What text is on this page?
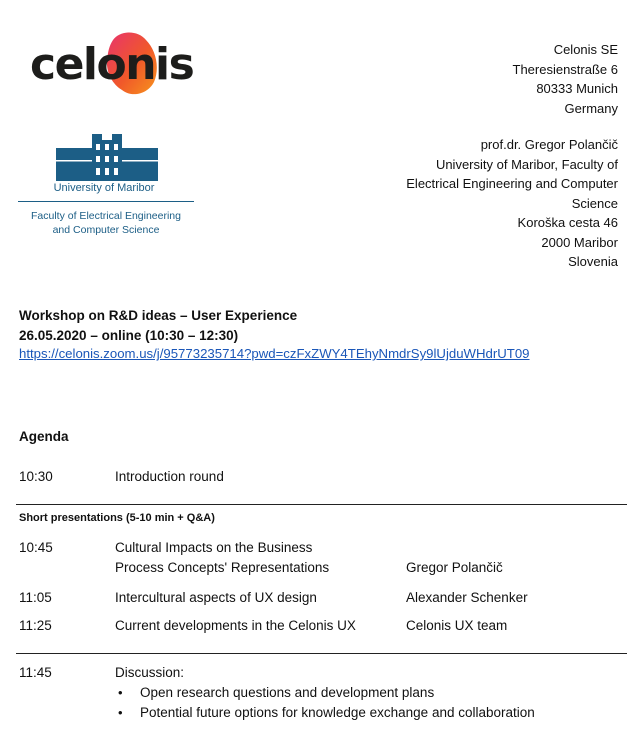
celonis	Celonis SE
Theresienstraße 6
80333 Munich
Germany
University of Maribor
Faculty of Electrical Engineering
and Computer Science
prof.dr. Gregor Polančič
University of Maribor, Faculty of
Electrical Engineering and Computer
Science
Koroška cesta 46
2000 Maribor
Slovenia
Workshop on R&D ideas – User Experience
26.05.2020 – online (10:30 – 12:30)
https://celonis.zoom.us/j/95773235714?pwd=czFxZWY4TEhyNmdrSy9lUjduWHdrUT09
Agenda
10:30	Introduction round
Short presentations (5-10 min + Q&A)
10:45	Cultural Impacts on the Business
Process Concepts' Representations	Gregor Polančič
11:05	Intercultural aspects of UX design	Alexander Schenker
11:25	Current developments in the Celonis UX	Celonis UX team
11:45	Discussion:
• Open research questions and development plans
• Potential future options for knowledge exchange and collaboration
